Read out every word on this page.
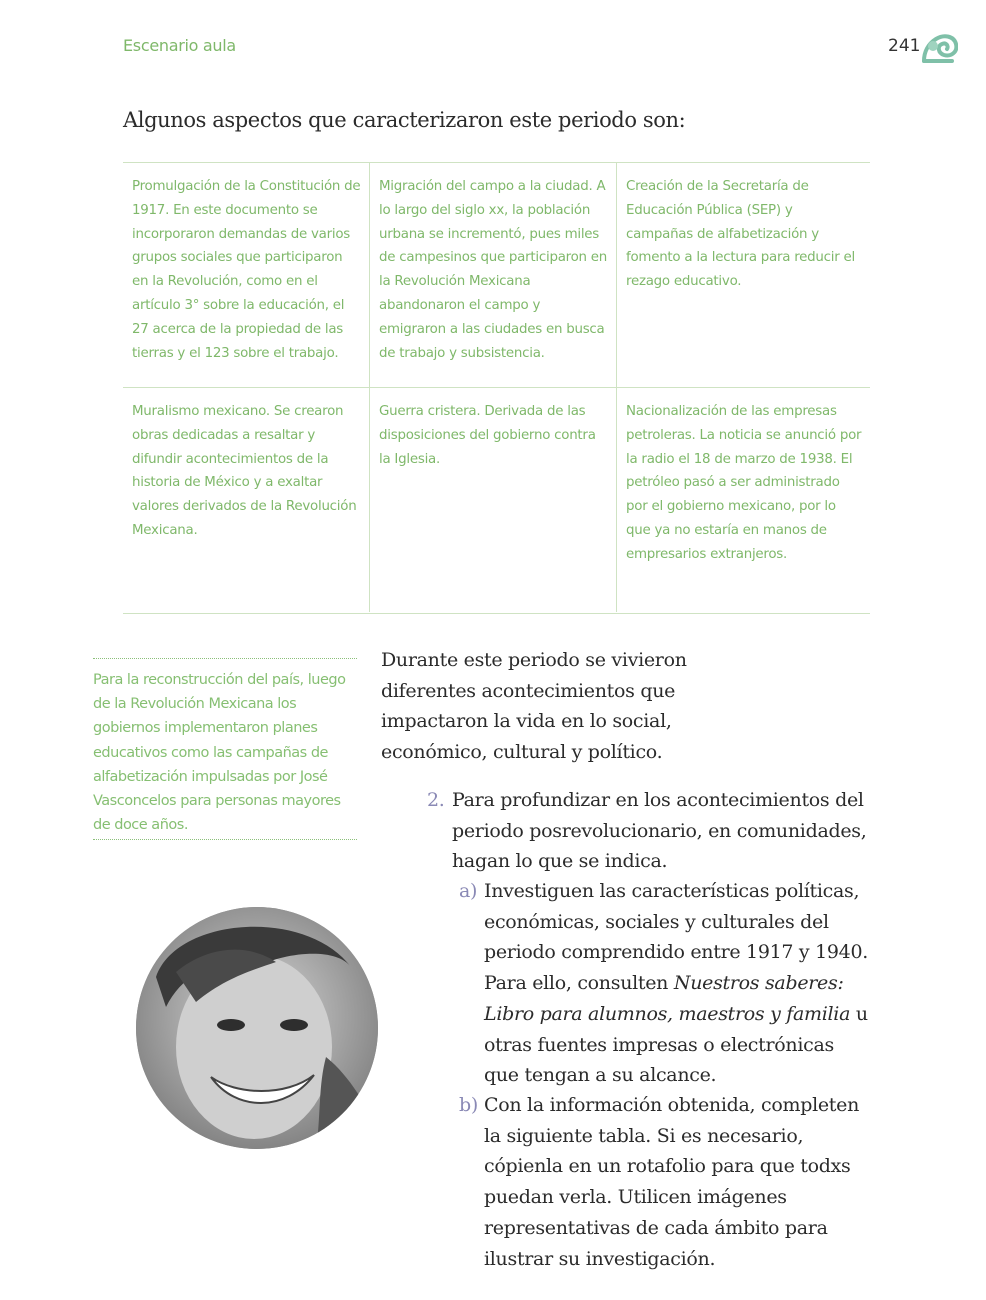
Escenario aula	241
Algunos aspectos que caracterizaron este periodo son:
Promulgación de la Constitución de 1917. En este documento se incorporaron demandas de varios grupos sociales que participaron en la Revolución, como en el artículo 3° sobre la educación, el 27 acerca de la propiedad de las tierras y el 123 sobre el trabajo.
Migración del campo a la ciudad. A lo largo del siglo xx, la población urbana se incrementó, pues miles de campesinos que participaron en la Revolución Mexicana abandonaron el campo y emigraron a las ciudades en busca de trabajo y subsistencia.
Creación de la Secretaría de Educación Pública (SEP) y campañas de alfabetización y fomento a la lectura para reducir el rezago educativo.
Muralismo mexicano. Se crearon obras dedicadas a resaltar y difundir acontecimientos de la historia de México y a exaltar valores derivados de la Revolución Mexicana.
Guerra cristera. Derivada de las disposiciones del gobierno contra la Iglesia.
Nacionalización de las empresas petroleras. La noticia se anunció por la radio el 18 de marzo de 1938. El petróleo pasó a ser administrado por el gobierno mexicano, por lo que ya no estaría en manos de empresarios extranjeros.
Para la reconstrucción del país, luego de la Revolución Mexicana los gobiernos implementaron planes educativos como las campañas de alfabetización impulsadas por José Vasconcelos para personas mayores de doce años.
Durante este periodo se vivieron diferentes acontecimientos que impactaron la vida en lo social, económico, cultural y político.
2. Para profundizar en los acontecimientos del periodo posrevolucionario, en comunidades, hagan lo que se indica.
a) Investiguen las características políticas, económicas, sociales y culturales del periodo comprendido entre 1917 y 1940. Para ello, consulten Nuestros saberes: Libro para alumnos, maestros y familia u otras fuentes impresas o electrónicas que tengan a su alcance.
b) Con la información obtenida, completen la siguiente tabla. Si es necesario, cópienla en un rotafolio para que todxs puedan verla. Utilicen imágenes representativas de cada ámbito para ilustrar su investigación.
